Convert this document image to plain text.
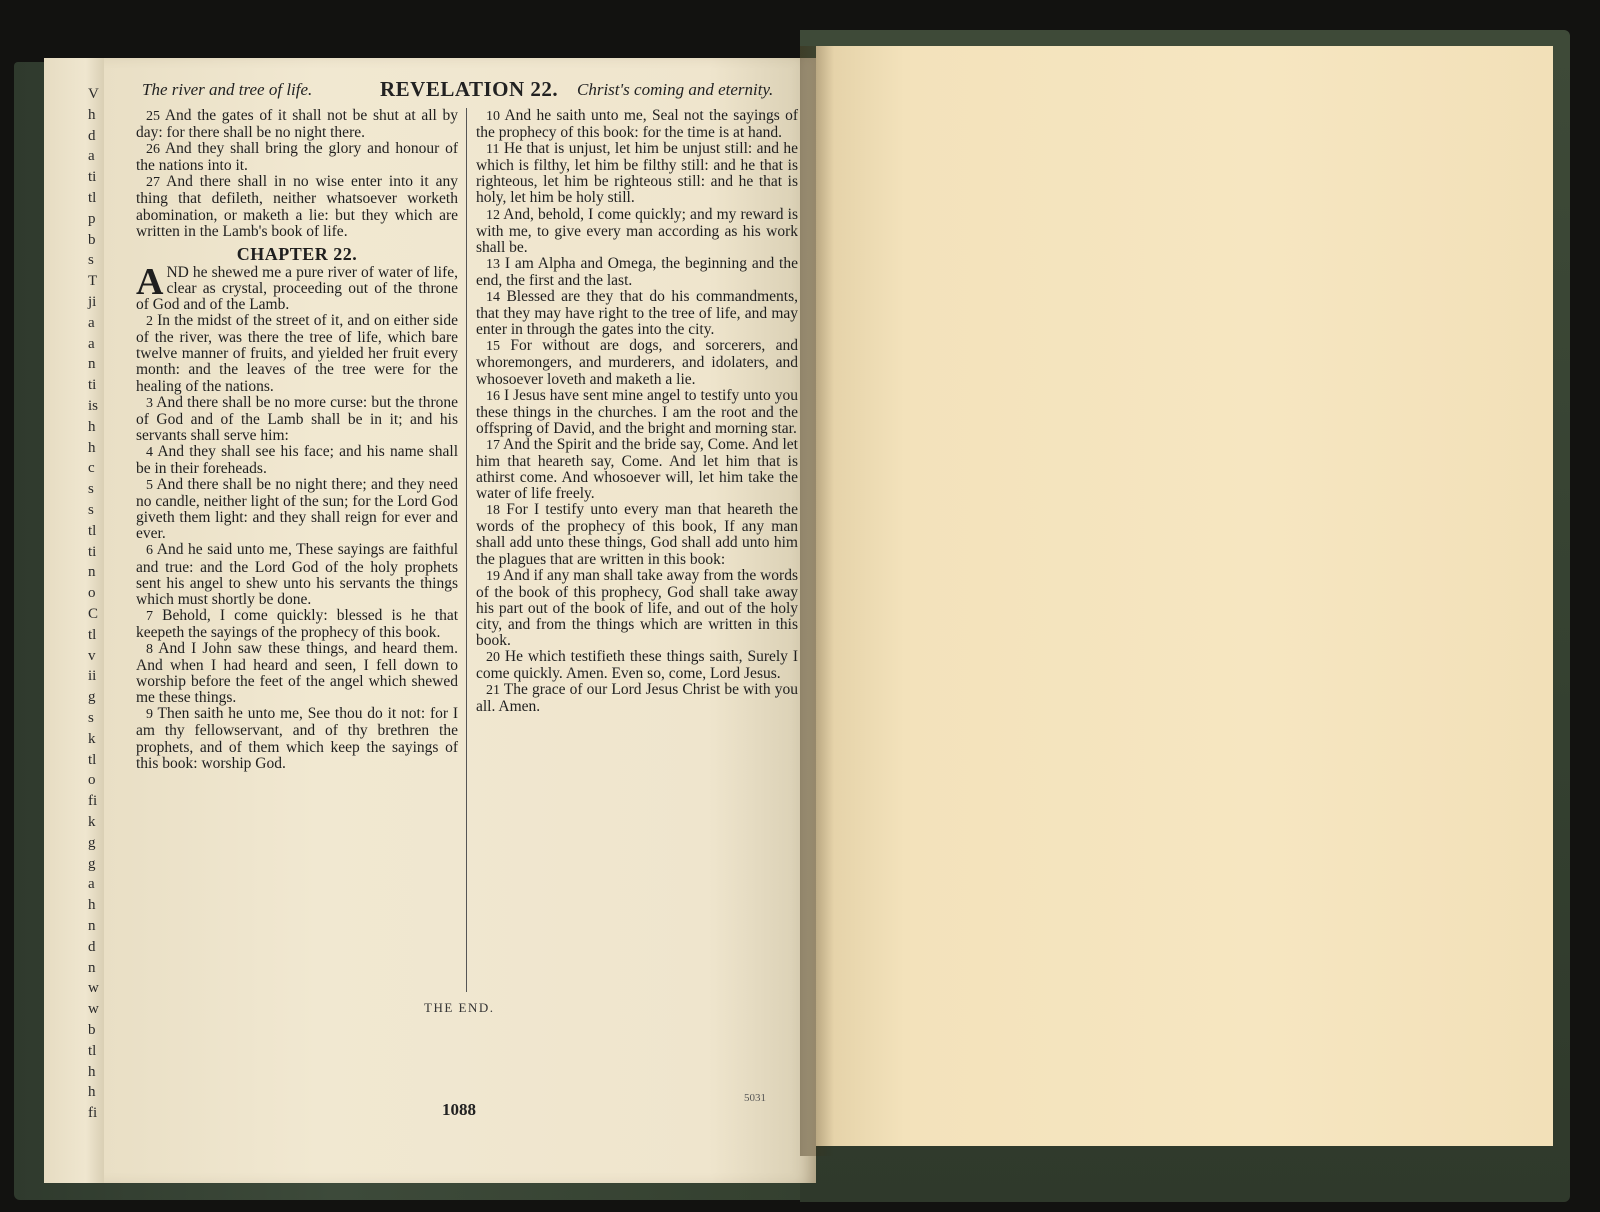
V
h
d
a
ti
tl
p
b
s
T
ji
a
a
n
ti
is
h
h
c
s
s
tl
ti
n
o
C
tl
v
ii
g
s
k
tl
o
fi
k
g
g
a
h
n
d
n
w
w
b
tl
h
h
fi
The river and tree of life.	REVELATION 22. Christ's coming and eternity.

25 And the gates of it shall not be shut at all by day: for there shall be no night there.

26 And they shall bring the glory and honour of the nations into it.

27 And there shall in no wise enter into it any thing that defileth, neither whatsoever worketh abomination, or maketh a lie: but they which are written in the Lamb's book of life.

CHAPTER 22.

AND he shewed me a pure river of water of life, clear as crystal, proceeding out of the throne of God and of the Lamb.

2 In the midst of the street of it, and on either side of the river, was there the tree of life, which bare twelve manner of fruits, and yielded her fruit every month: and the leaves of the tree were for the healing of the nations.

3 And there shall be no more curse: but the throne of God and of the Lamb shall be in it; and his servants shall serve him:

4 And they shall see his face; and his name shall be in their foreheads.

5 And there shall be no night there; and they need no candle, neither light of the sun; for the Lord God giveth them light: and they shall reign for ever and ever.

6 And he said unto me, These sayings are faithful and true: and the Lord God of the holy prophets sent his angel to shew unto his servants the things which must shortly be done.

7 Behold, I come quickly: blessed is he that keepeth the sayings of the prophecy of this book.

8 And I John saw these things, and heard them. And when I had heard and seen, I fell down to worship before the feet of the angel which shewed me these things.

9 Then saith he unto me, See thou do it not: for I am thy fellowservant, and of thy brethren the prophets, and of them which keep the sayings of this book: worship God.

10 And he saith unto me, Seal not the sayings of the prophecy of this book: for the time is at hand.

11 He that is unjust, let him be unjust still: and he which is filthy, let him be filthy still: and he that is righteous, let him be righteous still: and he that is holy, let him be holy still.

12 And, behold, I come quickly; and my reward is with me, to give every man according as his work shall be.

13 I am Alpha and Omega, the beginning and the end, the first and the last.

14 Blessed are they that do his commandments, that they may have right to the tree of life, and may enter in through the gates into the city.

15 For without are dogs, and sorcerers, and whoremongers, and murderers, and idolaters, and whosoever loveth and maketh a lie.

16 I Jesus have sent mine angel to testify unto you these things in the churches. I am the root and the offspring of David, and the bright and morning star.

17 And the Spirit and the bride say, Come. And let him that heareth say, Come. And let him that is athirst come. And whosoever will, let him take the water of life freely.

18 For I testify unto every man that heareth the words of the prophecy of this book, If any man shall add unto these things, God shall add unto him the plagues that are written in this book:

19 And if any man shall take away from the words of the book of this prophecy, God shall take away his part out of the book of life, and out of the holy city, and from the things which are written in this book.

20 He which testifieth these things saith, Surely I come quickly. Amen. Even so, come, Lord Jesus.

21 The grace of our Lord Jesus Christ be with you all. Amen.

THE END.
1088
5031
